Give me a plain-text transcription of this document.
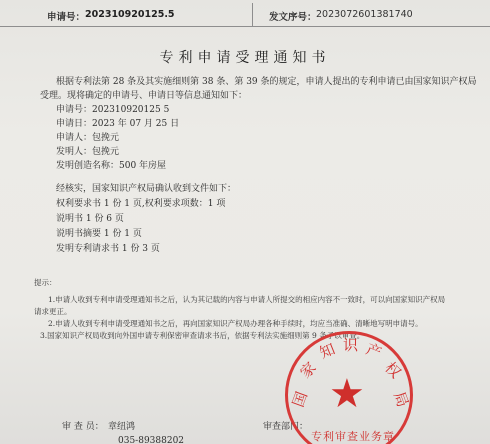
申请号： 202310920125.5	发文序号： 2023072601381740
专利申请受理通知书
根据专利法第 28 条及其实施细则第 38 条、第 39 条的规定，申请人提出的专利申请已由国家知识产权局
受理。现将确定的申请号、申请日等信息通知如下：
申请号：202310920125 5
申请日：2023 年 07 月 25 日
申请人：包挽元
发明人：包挽元
发明创造名称：500 年房屋
经核实，国家知识产权局确认收到文件如下：
权利要求书 1 份 1 页,权利要求项数：1 项
说明书 1 份 6 页
说明书摘要 1 份 1 页
发明专利请求书 1 份 3 页
提示：
1.申请人收到专利申请受理通知书之后，认为其记载的内容与申请人所提交的相应内容不一致时，可以向国家知识产权局
请求更正。
2.申请人收到专利申请受理通知书之后，再向国家知识产权局办理各种手续时，均应当准确、清晰地写明申请号。
3.国家知识产权局收到向外国申请专利保密审查请求书后，依据专利法实施细则第 9 条予以审查。
审 查 员： 章纽鸿
035-89388202
审查部门：
★
国
家
知 识 产
权
局
专利审查业务章
